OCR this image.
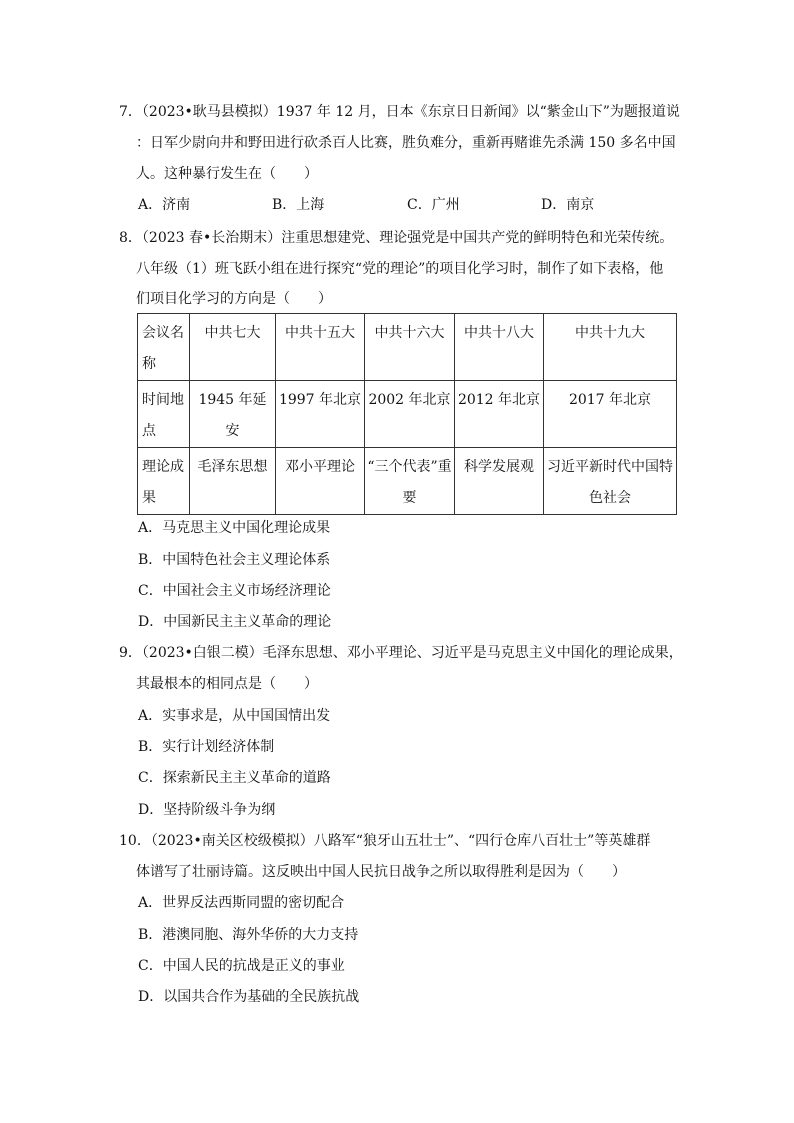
7．（2023•耿马县模拟）1937 年 12 月，日本《东京日日新闻》以“紫金山下”为题报道说
：日军少尉向井和野田进行砍杀百人比赛，胜负难分，重新再赌谁先杀满 150 多名中国
人。这种暴行发生在（　　）
A．济南	B．上海	C．广州	D．南京
8．（2023 春•长治期末）注重思想建党、理论强党是中国共产党的鲜明特色和光荣传统。
八年级（1）班飞跃小组在进行探究“党的理论”的项目化学习时，制作了如下表格，他
们项目化学习的方向是（　　）
会议名称	中共七大	中共十五大	中共十六大	中共十八大	中共十九大
时间地点	1945 年延安	1997 年北京	2002 年北京	2012 年北京	2017 年北京
理论成果	毛泽东思想	邓小平理论	“三个代表”重要	科学发展观	习近平新时代中国特色社会
A．马克思主义中国化理论成果
B．中国特色社会主义理论体系
C．中国社会主义市场经济理论
D．中国新民主主义革命的理论
9．（2023•白银二模）毛泽东思想、邓小平理论、习近平是马克思主义中国化的理论成果，
其最根本的相同点是（　　）
A．实事求是，从中国国情出发
B．实行计划经济体制
C．探索新民主主义革命的道路
D．坚持阶级斗争为纲
10．（2023•南关区校级模拟）八路军“狼牙山五壮士”、“四行仓库八百壮士”等英雄群
体谱写了壮丽诗篇。这反映出中国人民抗日战争之所以取得胜利是因为（　　）
A．世界反法西斯同盟的密切配合
B．港澳同胞、海外华侨的大力支持
C．中国人民的抗战是正义的事业
D．以国共合作为基础的全民族抗战
